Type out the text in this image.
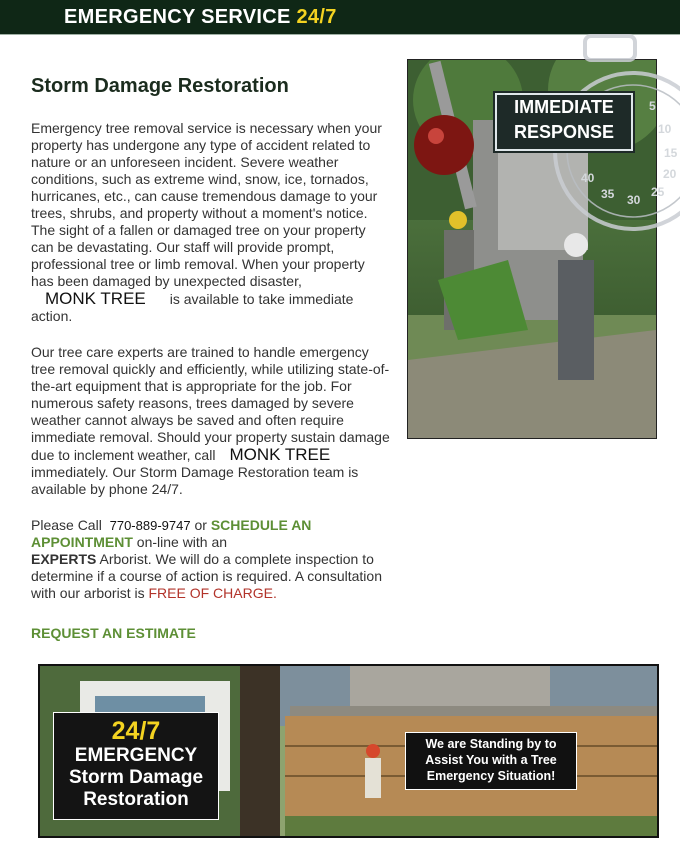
EMERGENCY SERVICE 24/7
Storm Damage Restoration

Emergency tree removal service is necessary when your property has undergone any type of accident related to nature or an unforeseen incident. Severe weather conditions, such as extreme wind, snow, ice, tornados, hurricanes, etc., can cause tremendous damage to your trees, shrubs, and property without a moment's notice. The sight of a fallen or damaged tree on your property can be devastating. Our staff will provide prompt, professional tree or limb removal. When your property has been damaged by unexpected disaster,MONK TREE is available to take immediate action.

Our tree care experts are trained to handle emergency tree removal quickly and efficiently, while utilizing state-of-the-art equipment that is appropriate for the job. For numerous safety reasons, trees damaged by severe weather cannot always be saved and often require immediate removal. Should your property sustain damage due to inclement weather, call MONK TREEimmediately. Our Storm Damage Restoration team is available by phone 24/7.

Please Call 770-889-9747 or SCHEDULE AN APPOINTMENT on-line with an
EXPERTS Arborist. We will do a complete inspection to determine if a course of action is required. A consultation with our arborist is FREE OF CHARGE.

REQUEST AN ESTIMATE
10
15
20
25
30
35
40
5
IMMEDIATE
RESPONSE
24/7
EMERGENCY
Storm Damage
Restoration
We are Standing by to
Assist You with a Tree
Emergency Situation!
